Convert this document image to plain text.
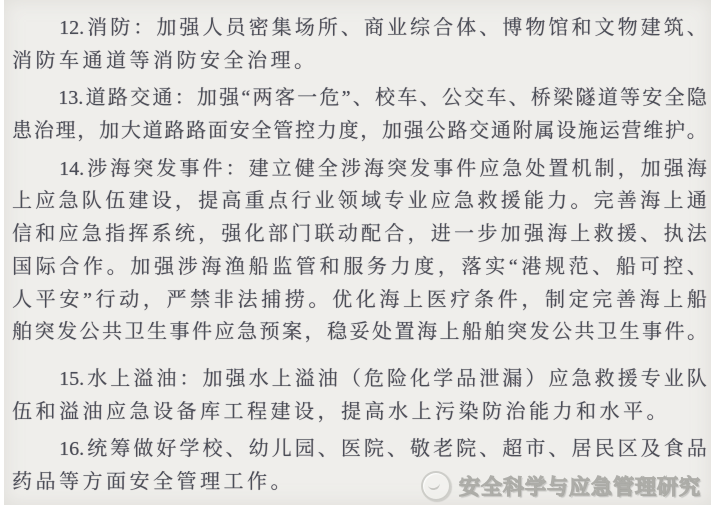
12. 消 防 ： 加 强 人 员 密 集 场 所 、 商 业 综 合 体 、 博 物 馆 和 文 物 建 筑 、
消防车通道等消防安全治理。
13. 道 路 交 通 ： 加 强 “ 两 客 一 危 ” 、 校 车 、 公 交 车 、 桥 梁 隧 道 等 安 全 隐
患 治 理 ， 加 大 道 路 路 面 安 全 管 控 力 度 ， 加 强 公 路 交 通 附 属 设 施 运 营 维 护 。
14. 涉 海 突 发 事 件 ： 建 立 健 全 涉 海 突 发 事 件 应 急 处 置 机 制 ， 加 强 海
上 应 急 队 伍 建 设 ， 提 高 重 点 行 业 领 域 专 业 应 急 救 援 能 力 。 完 善 海 上 通
信 和 应 急 指 挥 系 统 ， 强 化 部 门 联 动 配 合 ， 进 一 步 加 强 海 上 救 援 、 执 法
国 际 合 作 。 加 强 涉 海 渔 船 监 管 和 服 务 力 度 ， 落 实 “ 港 规 范 、 船 可 控 、
人 平 安 ” 行 动 ， 严 禁 非 法 捕 捞 。 优 化 海 上 医 疗 条 件 ， 制 定 完 善 海 上 船
舶 突 发 公 共 卫 生 事 件 应 急 预 案 ， 稳 妥 处 置 海 上 船 舶 突 发 公 共 卫 生 事 件 。
15. 水 上 溢 油 ： 加 强 水 上 溢 油 （ 危 险 化 学 品 泄 漏 ） 应 急 救 援 专 业 队
伍和溢油应急设备库工程建设，提高水上污染防治能力和水平。
16. 统 筹 做 好 学 校 、 幼 儿 园 、 医 院 、 敬 老 院 、 超 市 、 居 民 区 及 食 品
药品等方面安全管理工作。	安全科学与应急管理研究
